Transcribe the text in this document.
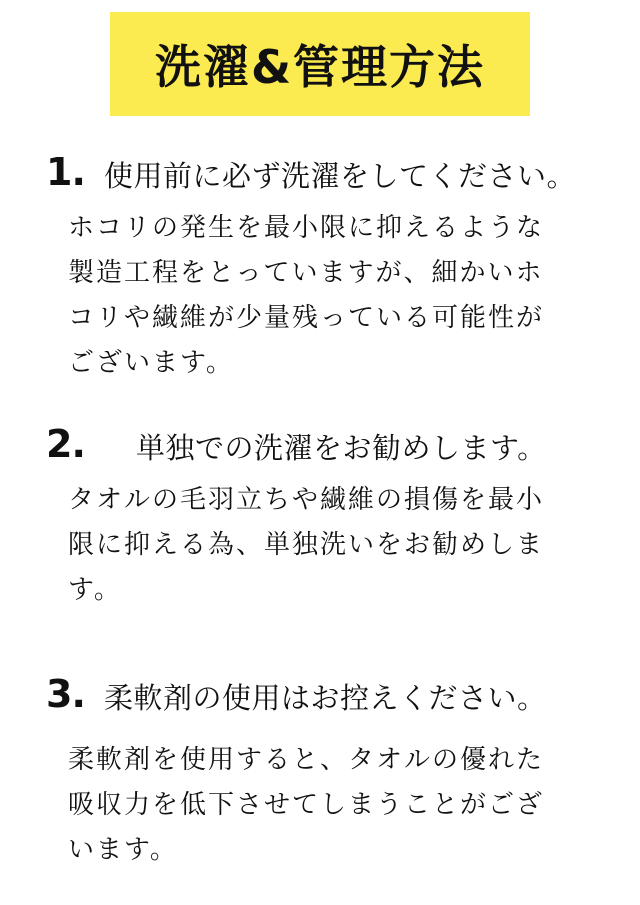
洗濯&管理方法
1. 使用前に必ず洗濯をしてください。
ホコリの発生を最小限に抑えるような
製造工程をとっていますが、細かいホ
コリや繊維が少量残っている可能性が
ございます。
2. 単独での洗濯をお勧めします。
タオルの毛羽立ちや繊維の損傷を最小
限に抑える為、単独洗いをお勧めしま
す。
3. 柔軟剤の使用はお控えください。
柔軟剤を使用すると、タオルの優れた
吸収力を低下させてしまうことがござ
います。
